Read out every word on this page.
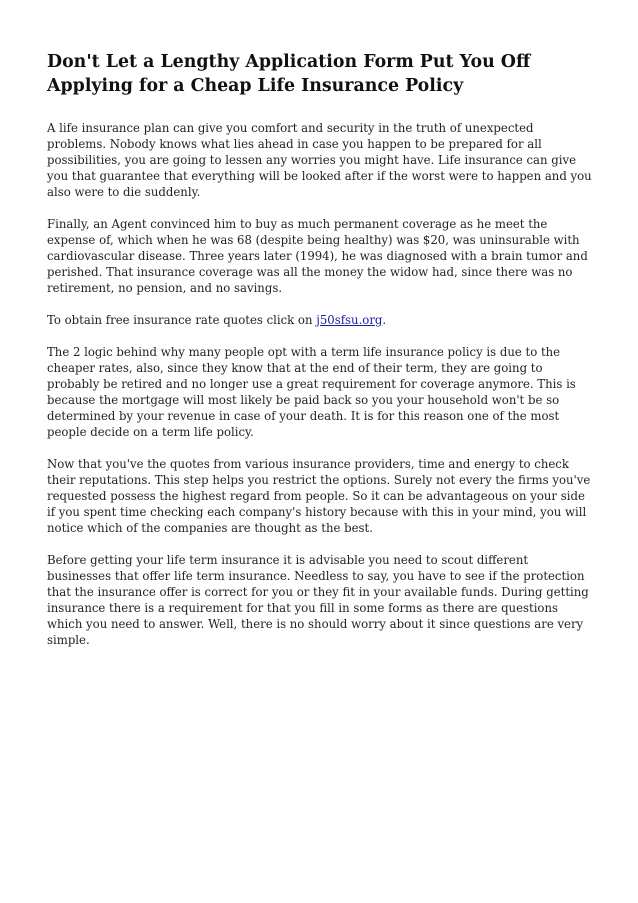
Don't Let a Lengthy Application Form Put You Off Applying for a Cheap Life Insurance Policy

A life insurance plan can give you comfort and security in the truth of unexpected problems. Nobody knows what lies ahead in case you happen to be prepared for all possibilities, you are going to lessen any worries you might have. Life insurance can give you that guarantee that everything will be looked after if the worst were to happen and you also were to die suddenly.

Finally, an Agent convinced him to buy as much permanent coverage as he meet the expense of, which when he was 68 (despite being healthy) was $20, was uninsurable with cardiovascular disease. Three years later (1994), he was diagnosed with a brain tumor and perished. That insurance coverage was all the money the widow had, since there was no retirement, no pension, and no savings.

To obtain free insurance rate quotes click on j50sfsu.org.

The 2 logic behind why many people opt with a term life insurance policy is due to the cheaper rates, also, since they know that at the end of their term, they are going to probably be retired and no longer use a great requirement for coverage anymore. This is because the mortgage will most likely be paid back so you your household won't be so determined by your revenue in case of your death. It is for this reason one of the most people decide on a term life policy.

Now that you've the quotes from various insurance providers, time and energy to check their reputations. This step helps you restrict the options. Surely not every the firms you've requested possess the highest regard from people. So it can be advantageous on your side if you spent time checking each company's history because with this in your mind, you will notice which of the companies are thought as the best.

Before getting your life term insurance it is advisable you need to scout different businesses that offer life term insurance. Needless to say, you have to see if the protection that the insurance offer is correct for you or they fit in your available funds. During getting insurance there is a requirement for that you fill in some forms as there are questions which you need to answer. Well, there is no should worry about it since questions are very simple.
